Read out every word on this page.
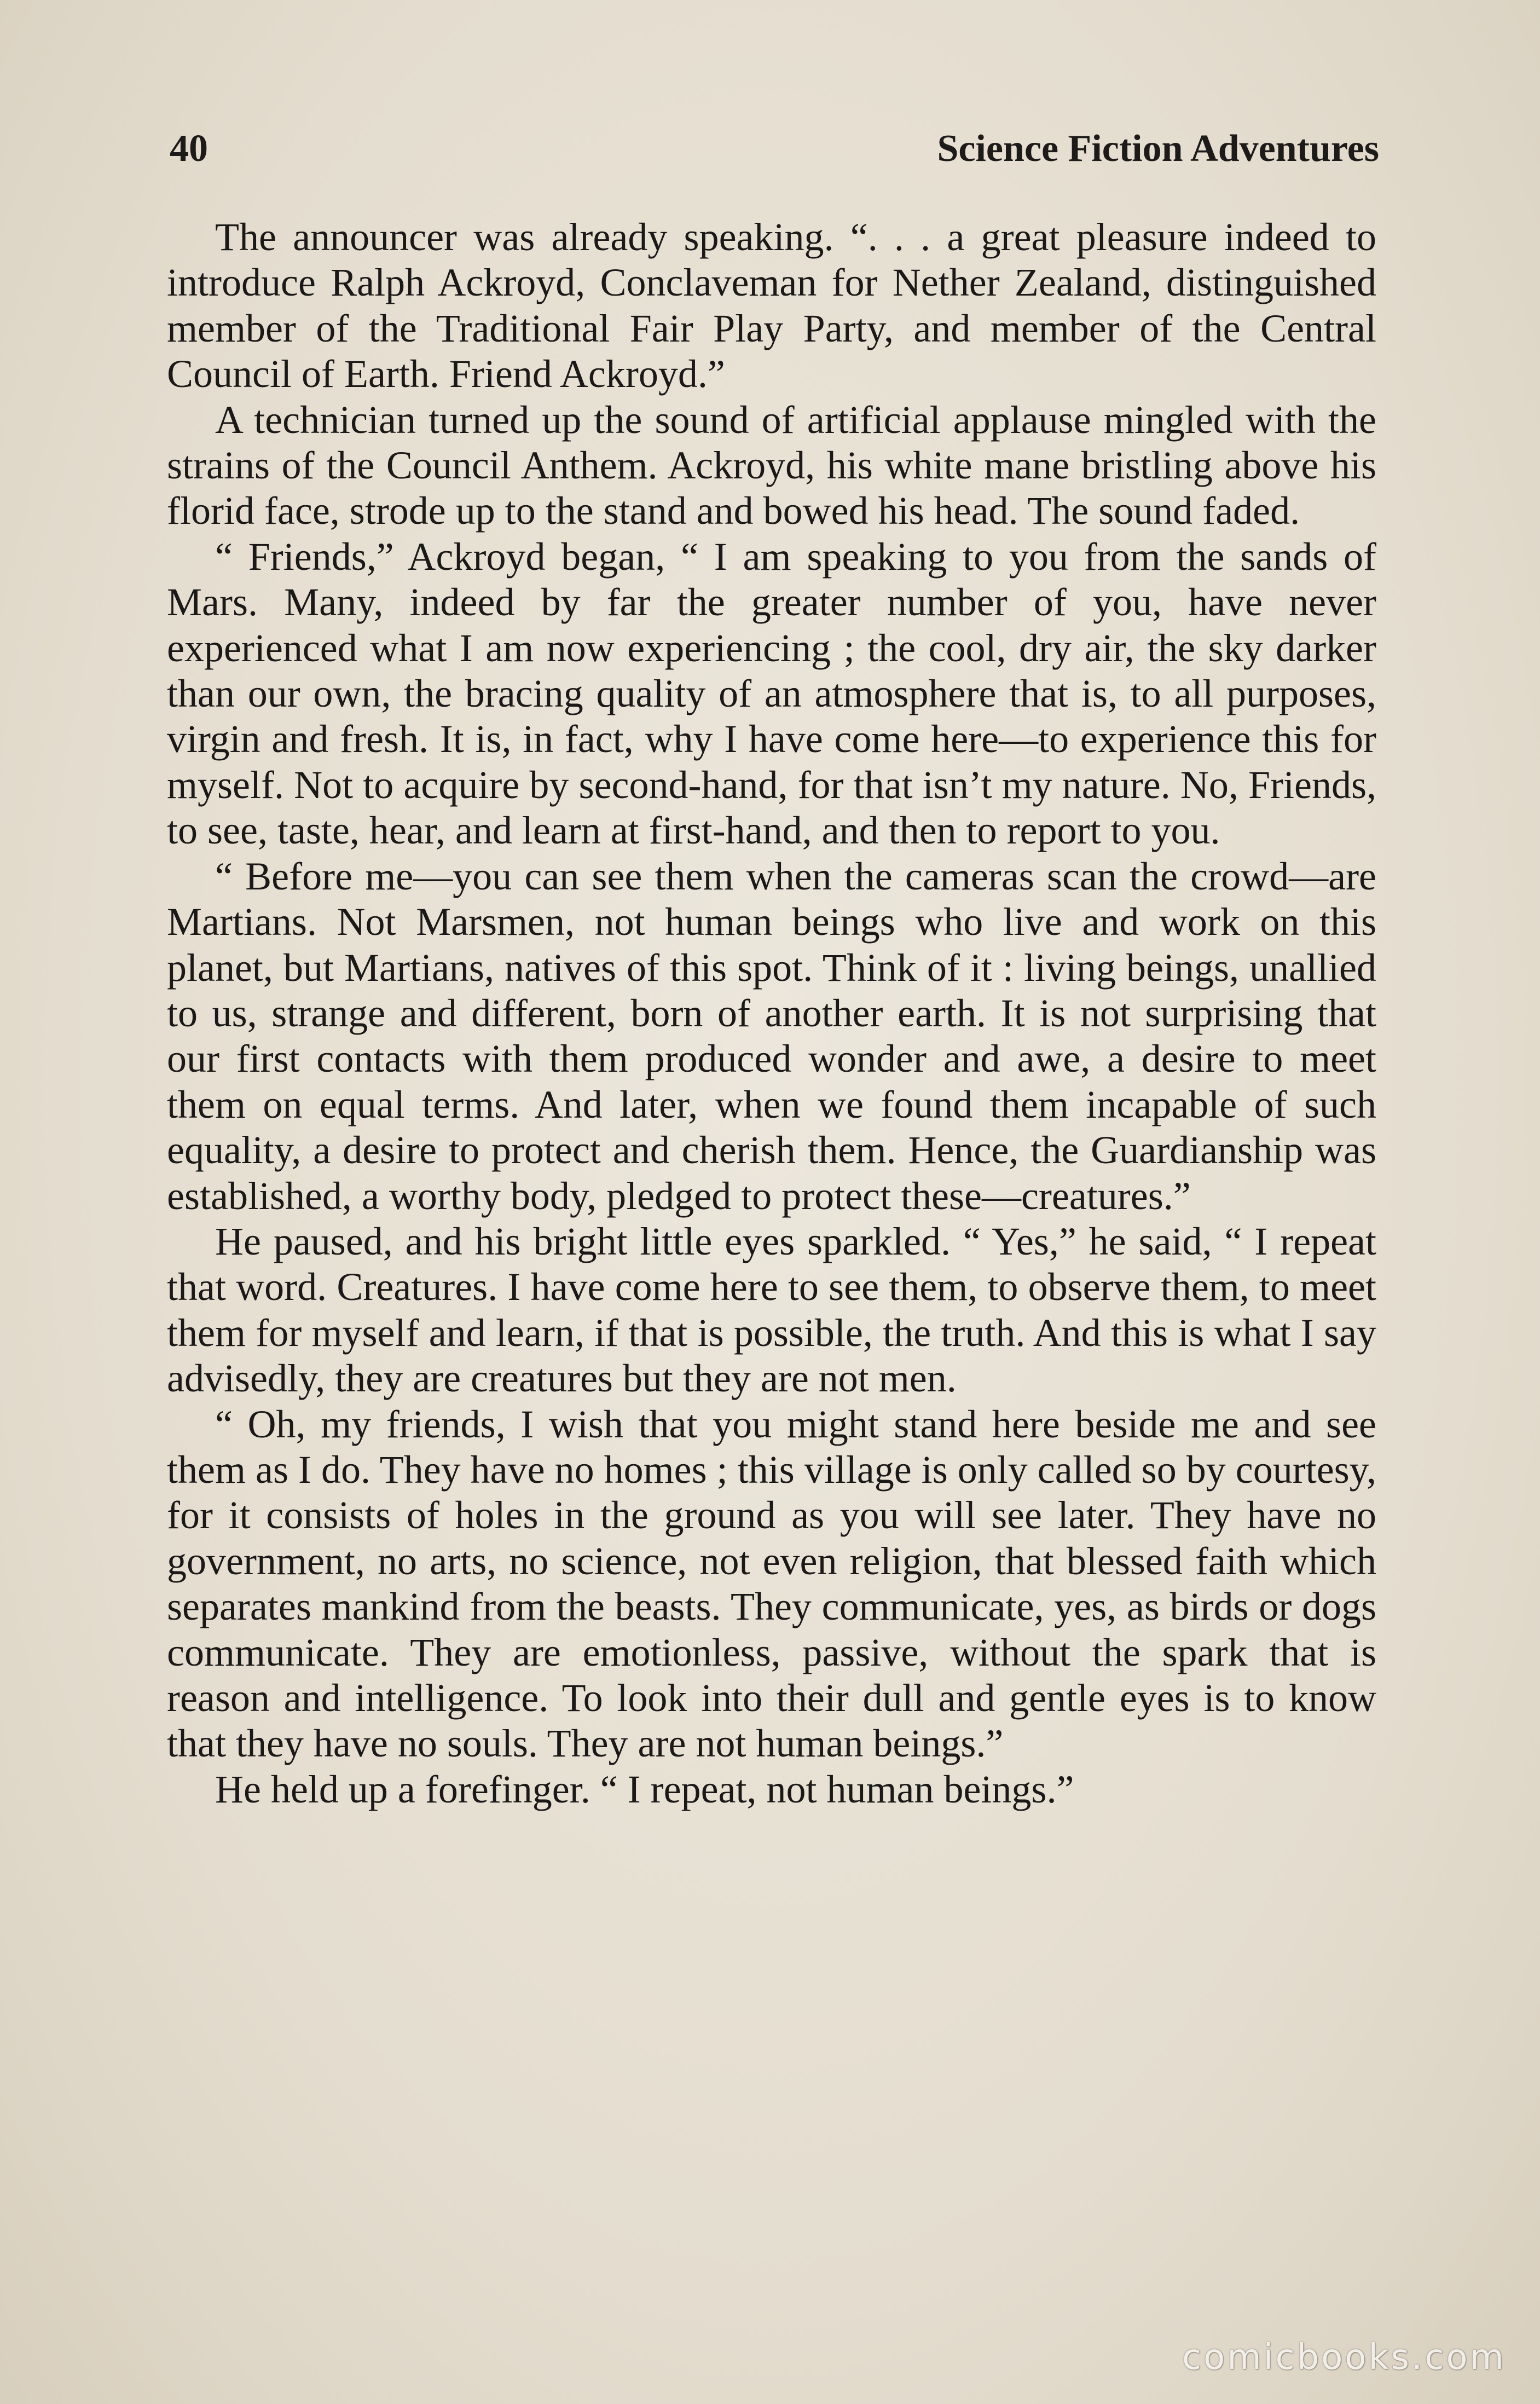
40	Science Fiction Adventures

The announcer was already speaking. “. . . a great pleasure indeed to introduce Ralph Ackroyd, Conclaveman for Nether Zealand, distinguished member of the Traditional Fair Play Party, and member of the Central Council of Earth. Friend Ackroyd.”

A technician turned up the sound of artificial applause mingled with the strains of the Council Anthem. Ackroyd, his white mane bristling above his florid face, strode up to the stand and bowed his head. The sound faded.

“ Friends,” Ackroyd began, “ I am speaking to you from the sands of Mars. Many, indeed by far the greater number of you, have never experienced what I am now experiencing ; the cool, dry air, the sky darker than our own, the bracing quality of an atmosphere that is, to all purposes, virgin and fresh. It is, in fact, why I have come here—to experience this for myself. Not to acquire by second-hand, for that isn’t my nature. No, Friends, to see, taste, hear, and learn at first-hand, and then to report to you.

“ Before me—you can see them when the cameras scan the crowd—are Martians. Not Marsmen, not human beings who live and work on this planet, but Martians, natives of this spot. Think of it : living beings, unallied to us, strange and different, born of another earth. It is not surprising that our first contacts with them produced wonder and awe, a desire to meet them on equal terms. And later, when we found them incapable of such equality, a desire to protect and cherish them. Hence, the Guardianship was established, a worthy body, pledged to protect these—creatures.”

He paused, and his bright little eyes sparkled. “ Yes,” he said, “ I repeat that word. Creatures. I have come here to see them, to observe them, to meet them for myself and learn, if that is possible, the truth. And this is what I say advisedly, they are creatures but they are not men.

“ Oh, my friends, I wish that you might stand here beside me and see them as I do. They have no homes ; this village is only called so by courtesy, for it consists of holes in the ground as you will see later. They have no government, no arts, no science, not even religion, that blessed faith which separates mankind from the beasts. They communicate, yes, as birds or dogs communicate. They are emotionless, passive, without the spark that is reason and intelligence. To look into their dull and gentle eyes is to know that they have no souls. They are not human beings.”

He held up a forefinger. “ I repeat, not human beings.”

comicbooks.com
